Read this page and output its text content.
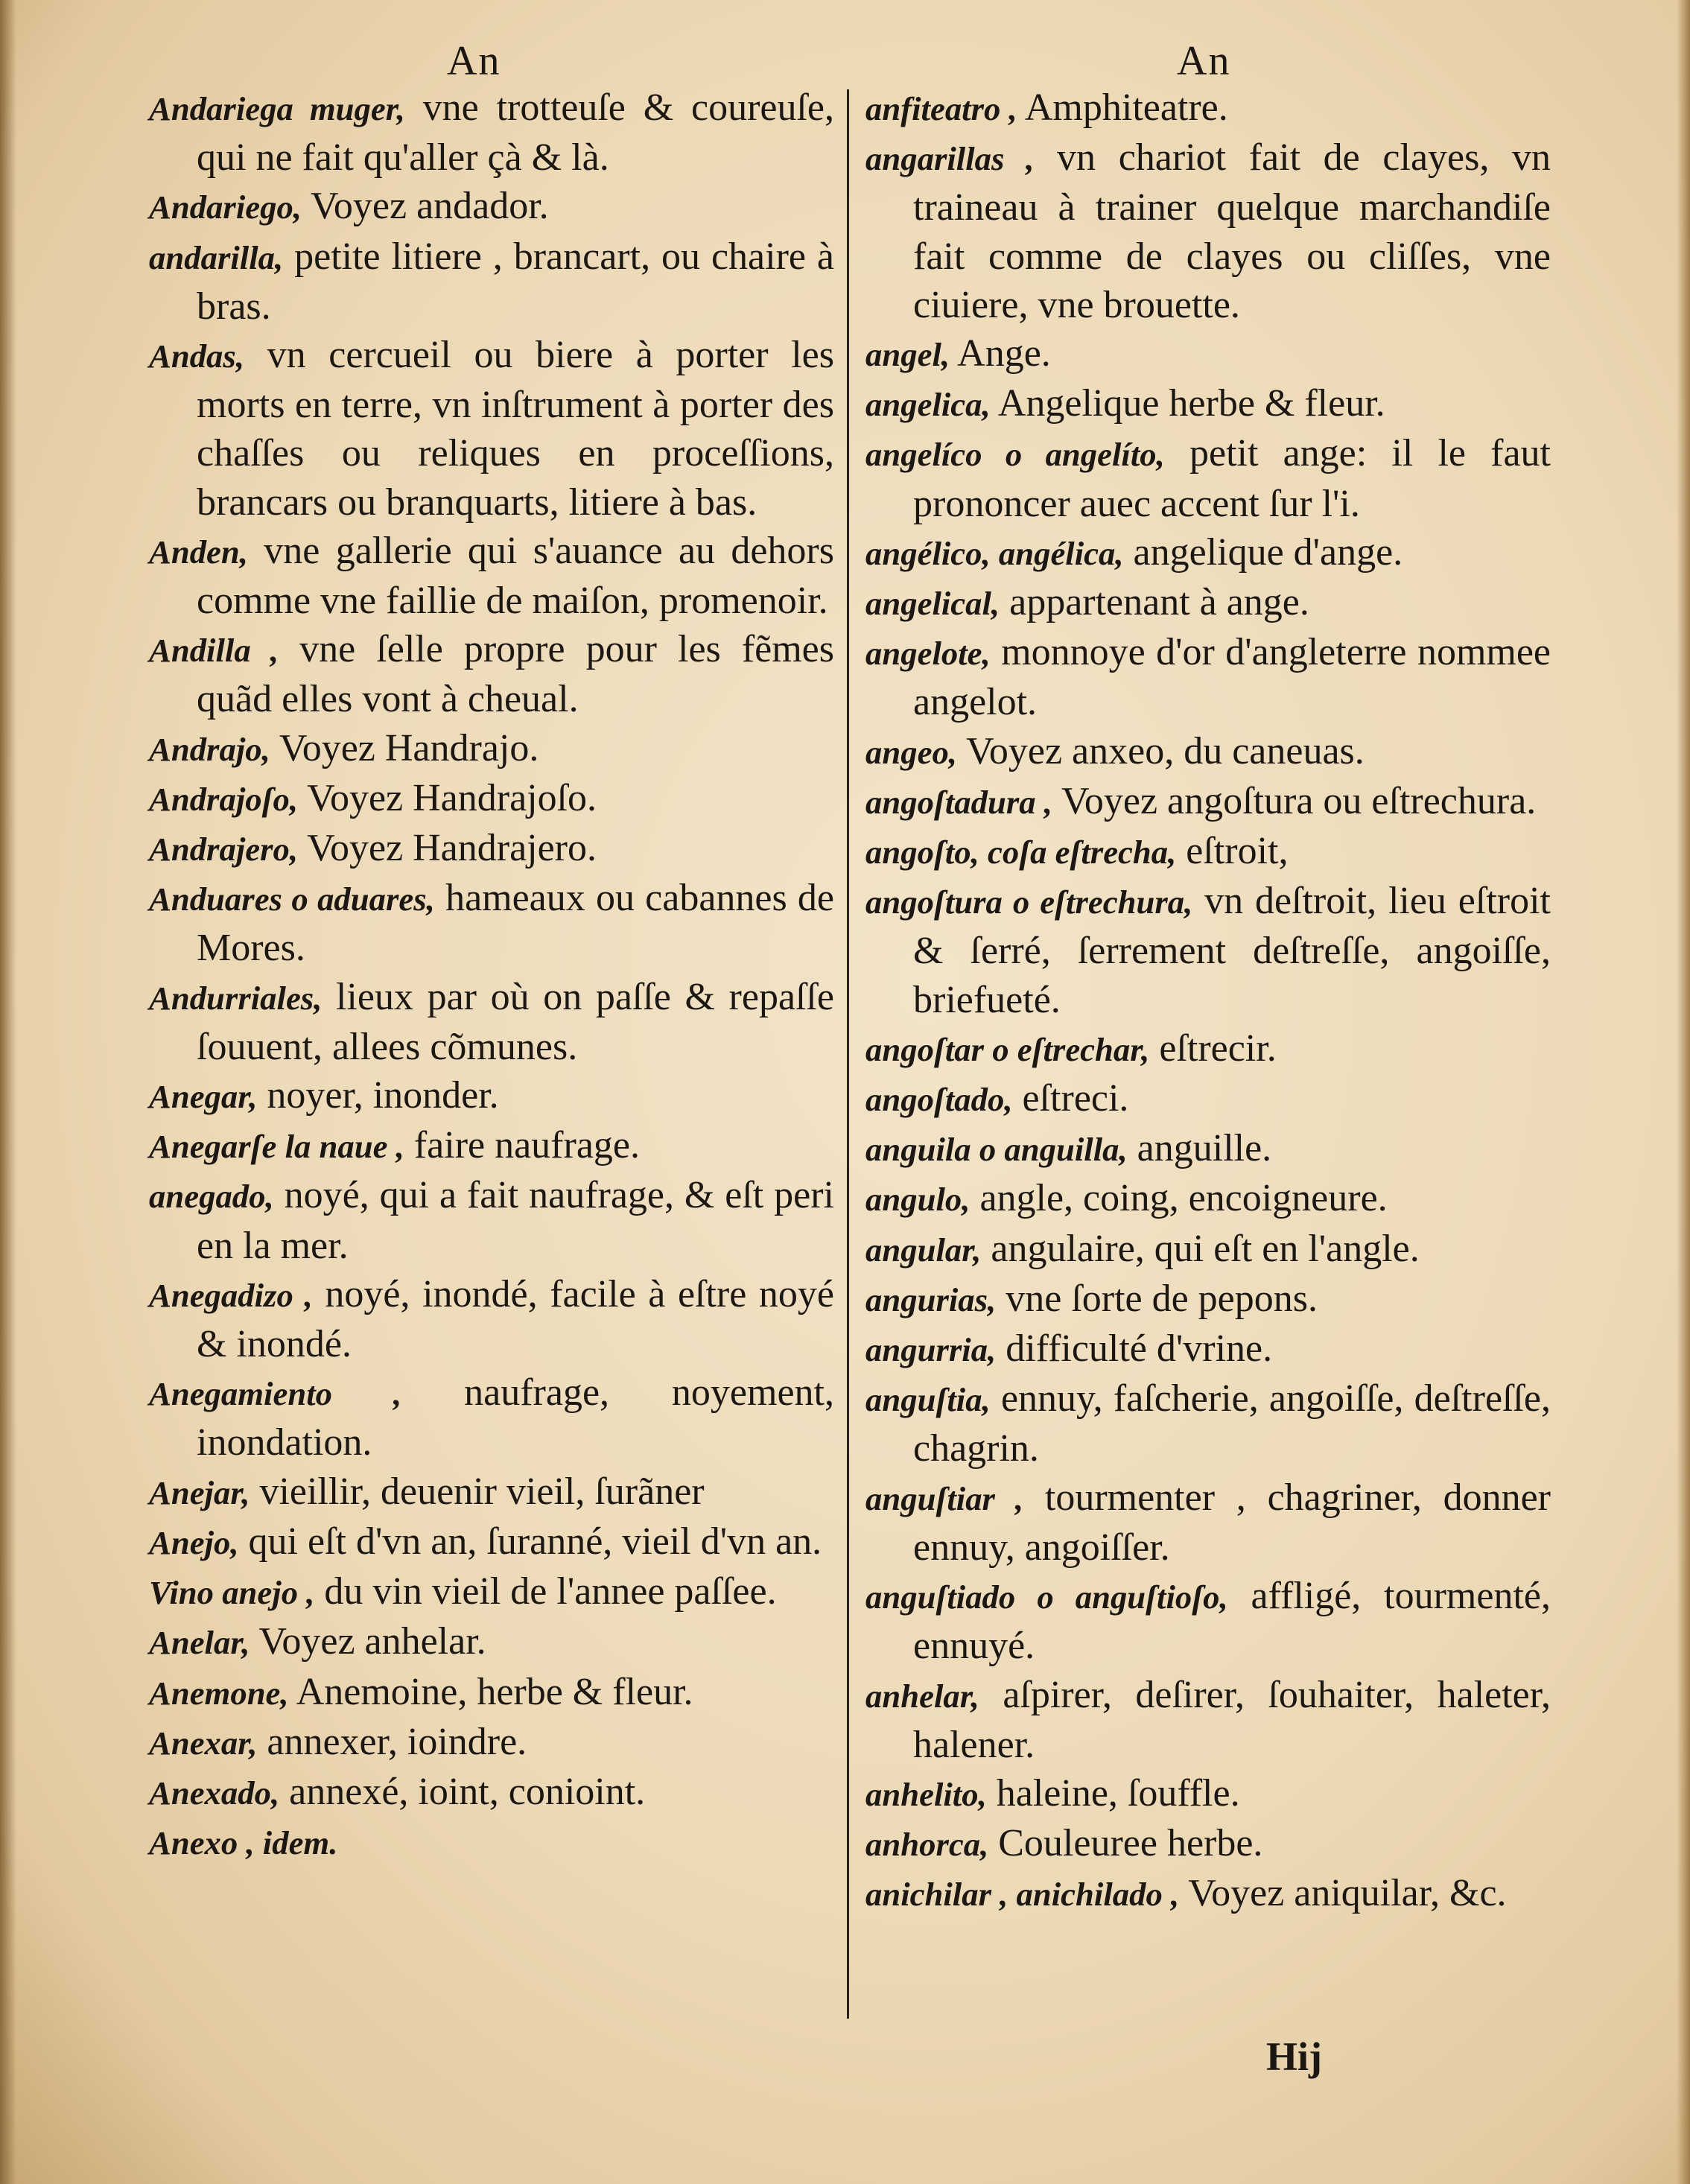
An	An

Andariega muger, vne trotteuſe & coureuſe, qui ne fait qu'aller çà & là.

Andariego, Voyez andador.

andarilla, petite litiere , brancart, ou chaire à bras.

Andas, vn cercueil ou biere à porter les morts en terre, vn inſtrument à porter des chaſſes ou reliques en proceſſions, brancars ou branquarts, litiere à bas.

Anden, vne gallerie qui s'auance au dehors comme vne faillie de maiſon, promenoir.

Andilla , vne ſelle propre pour les fẽmes quãd elles vont à cheual.

Andrajo, Voyez Handrajo.

Andrajoſo, Voyez Handrajoſo.

Andrajero, Voyez Handrajero.

Anduares o aduares, hameaux ou cabannes de Mores.

Andurriales, lieux par où on paſſe & repaſſe ſouuent, allees cõmunes.

Anegar, noyer, inonder.

Anegarſe la naue , faire naufrage.

anegado, noyé, qui a fait naufrage, & eſt peri en la mer.

Anegadizo , noyé, inondé, facile à eſtre noyé & inondé.

Anegamiento , naufrage, noyement, inondation.

Anejar, vieillir, deuenir vieil, ſurãner

Anejo, qui eſt d'vn an, ſuranné, vieil d'vn an.

Vino anejo , du vin vieil de l'annee paſſee.

Anelar, Voyez anhelar.

Anemone, Anemoine, herbe & fleur.

Anexar, annexer, ioindre.

Anexado, annexé, ioint, conioint.

Anexo , idem.

anfiteatro , Amphiteatre.

angarillas , vn chariot fait de clayes, vn traineau à trainer quelque marchandiſe fait comme de clayes ou cliſſes, vne ciuiere, vne brouette.

angel, Ange.

angelica, Angelique herbe & fleur.

angelíco o angelíto, petit ange: il le faut prononcer auec accent ſur l'i.

angélico, angélica, angelique d'ange.

angelical, appartenant à ange.

angelote, monnoye d'or d'angleterre nommee angelot.

angeo, Voyez anxeo, du caneuas.

angoſtadura , Voyez angoſtura ou eſtrechura.

angoſto, coſa eſtrecha, eſtroit,

angoſtura o eſtrechura, vn deſtroit, lieu eſtroit & ſerré, ſerrement deſtreſſe, angoiſſe, briefueté.

angoſtar o eſtrechar, eſtrecir.

angoſtado, eſtreci.

anguila o anguilla, anguille.

angulo, angle, coing, encoigneure.

angular, angulaire, qui eſt en l'angle.

angurias, vne ſorte de pepons.

angurria, difficulté d'vrine.

anguſtia, ennuy, faſcherie, angoiſſe, deſtreſſe, chagrin.

anguſtiar , tourmenter , chagriner, donner ennuy, angoiſſer.

anguſtiado o anguſtioſo, affligé, tourmenté, ennuyé.

anhelar, aſpirer, deſirer, ſouhaiter, haleter, halener.

anhelito, haleine, ſouffle.

anhorca, Couleuree herbe.

anichilar , anichilado , Voyez aniquilar, &c.

Hij
